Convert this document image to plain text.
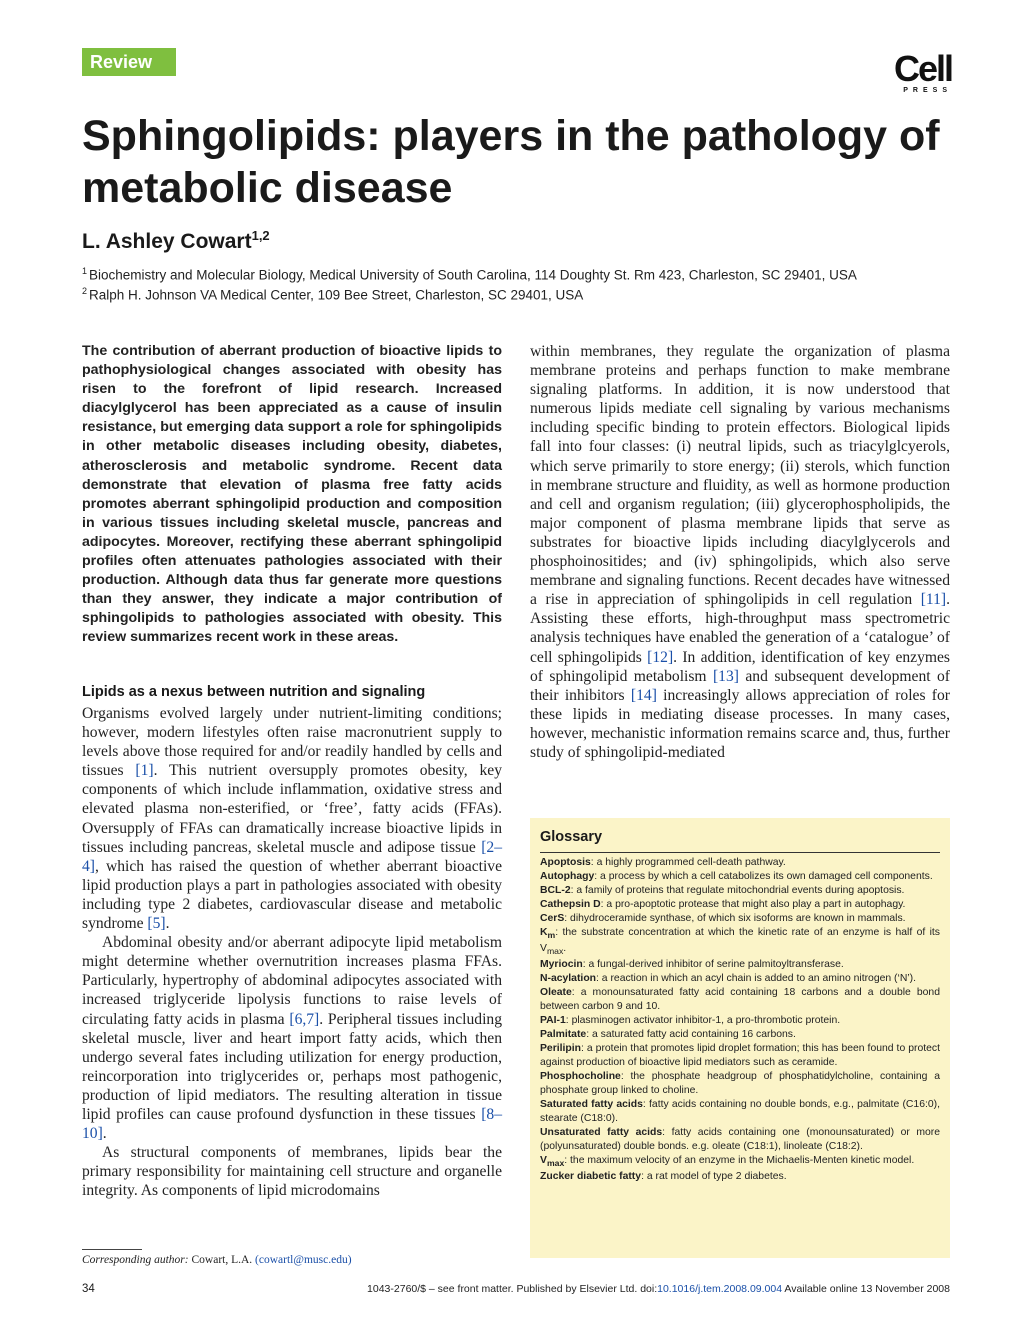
Review	Cell
PRESS
Sphingolipids: players in the pathology of metabolic disease
L. Ashley Cowart$^{1,2}$
$^1$ Biochemistry and Molecular Biology, Medical University of South Carolina, 114 Doughty St. Rm 423, Charleston, SC 29401, USA
$^2$ Ralph H. Johnson VA Medical Center, 109 Bee Street, Charleston, SC 29401, USA

The contribution of aberrant production of bioactive lipids to pathophysiological changes associated with obesity has risen to the forefront of lipid research. Increased diacylglycerol has been appreciated as a cause of insulin resistance, but emerging data support a role for sphingolipids in other metabolic diseases including obesity, diabetes, atherosclerosis and metabolic syndrome. Recent data demonstrate that elevation of plasma free fatty acids promotes aberrant sphingolipid production and composition in various tissues including skeletal muscle, pancreas and adipocytes. Moreover, rectifying these aberrant sphingolipid profiles often attenuates pathologies associated with their production. Although data thus far generate more questions than they answer, they indicate a major contribution of sphingolipids to pathologies associated with obesity. This review summarizes recent work in these areas.

Lipids as a nexus between nutrition and signaling

Organisms evolved largely under nutrient-limiting conditions; however, modern lifestyles often raise macronutrient supply to levels above those required for and/or readily handled by cells and tissues [1]. This nutrient oversupply promotes obesity, key components of which include inflammation, oxidative stress and elevated plasma non-esterified, or ‘free’, fatty acids (FFAs). Oversupply of FFAs can dramatically increase bioactive lipids in tissues including pancreas, skeletal muscle and adipose tissue [2–4], which has raised the question of whether aberrant bioactive lipid production plays a part in pathologies associated with obesity including type 2 diabetes, cardiovascular disease and metabolic syndrome [5].

Abdominal obesity and/or aberrant adipocyte lipid metabolism might determine whether overnutrition increases plasma FFAs. Particularly, hypertrophy of abdominal adipocytes associated with increased triglyceride lipolysis functions to raise levels of circulating fatty acids in plasma [6,7]. Peripheral tissues including skeletal muscle, liver and heart import fatty acids, which then undergo several fates including utilization for energy production, reincorporation into triglycerides or, perhaps most pathogenic, production of lipid mediators. The resulting alteration in tissue lipid profiles can cause profound dysfunction in these tissues [8–10].

As structural components of membranes, lipids bear the primary responsibility for maintaining cell structure and organelle integrity. As components of lipid microdomains

within membranes, they regulate the organization of plasma membrane proteins and perhaps function to make membrane signaling platforms. In addition, it is now understood that numerous lipids mediate cell signaling by various mechanisms including specific binding to protein effectors. Biological lipids fall into four classes: (i) neutral lipids, such as triacylglcyerols, which serve primarily to store energy; (ii) sterols, which function in membrane structure and fluidity, as well as hormone production and cell and organism regulation; (iii) glycerophospholipids, the major component of plasma membrane lipids that serve as substrates for bioactive lipids including diacylglycerols and phosphoinositides; and (iv) sphingolipids, which also serve membrane and signaling functions. Recent decades have witnessed a rise in appreciation of sphingolipids in cell regulation [11]. Assisting these efforts, high-throughput mass spectrometric analysis techniques have enabled the generation of a ‘catalogue’ of cell sphingolipids [12]. In addition, identification of key enzymes of sphingolipid metabolism [13] and subsequent development of their inhibitors [14] increasingly allows appreciation of roles for these lipids in mediating disease processes. In many cases, however, mechanistic information remains scarce and, thus, further study of sphingolipid-mediated

Glossary
Apoptosis: a highly programmed cell-death pathway.
Autophagy: a process by which a cell catabolizes its own damaged cell components.
BCL-2: a family of proteins that regulate mitochondrial events during apoptosis.
Cathepsin D: a pro-apoptotic protease that might also play a part in autophagy.
CerS: dihydroceramide synthase, of which six isoforms are known in mammals.
$K_m$: the substrate concentration at which the kinetic rate of an enzyme is half of its $V_{max}$.
Myriocin: a fungal-derived inhibitor of serine palmitoyltransferase.
N-acylation: a reaction in which an acyl chain is added to an amino nitrogen (‘N’).
Oleate: a monounsaturated fatty acid containing 18 carbons and a double bond between carbon 9 and 10.
PAI-1: plasminogen activator inhibitor-1, a pro-thrombotic protein.
Palmitate: a saturated fatty acid containing 16 carbons.
Perilipin: a protein that promotes lipid droplet formation; this has been found to protect against production of bioactive lipid mediators such as ceramide.
Phosphocholine: the phosphate headgroup of phosphatidylcholine, containing a phosphate group linked to choline.
Saturated fatty acids: fatty acids containing no double bonds, e.g., palmitate (C16:0), stearate (C18:0).
Unsaturated fatty acids: fatty acids containing one (monounsaturated) or more (polyunsaturated) double bonds. e.g. oleate (C18:1), linoleate (C18:2).
$V_{max}$: the maximum velocity of an enzyme in the Michaelis-Menten kinetic model.
Zucker diabetic fatty: a rat model of type 2 diabetes.
Corresponding author: Cowart, L.A. (cowartl@musc.edu)
34	1043-2760/$ – see front matter. Published by Elsevier Ltd. doi:10.1016/j.tem.2008.09.004 Available online 13 November 2008
